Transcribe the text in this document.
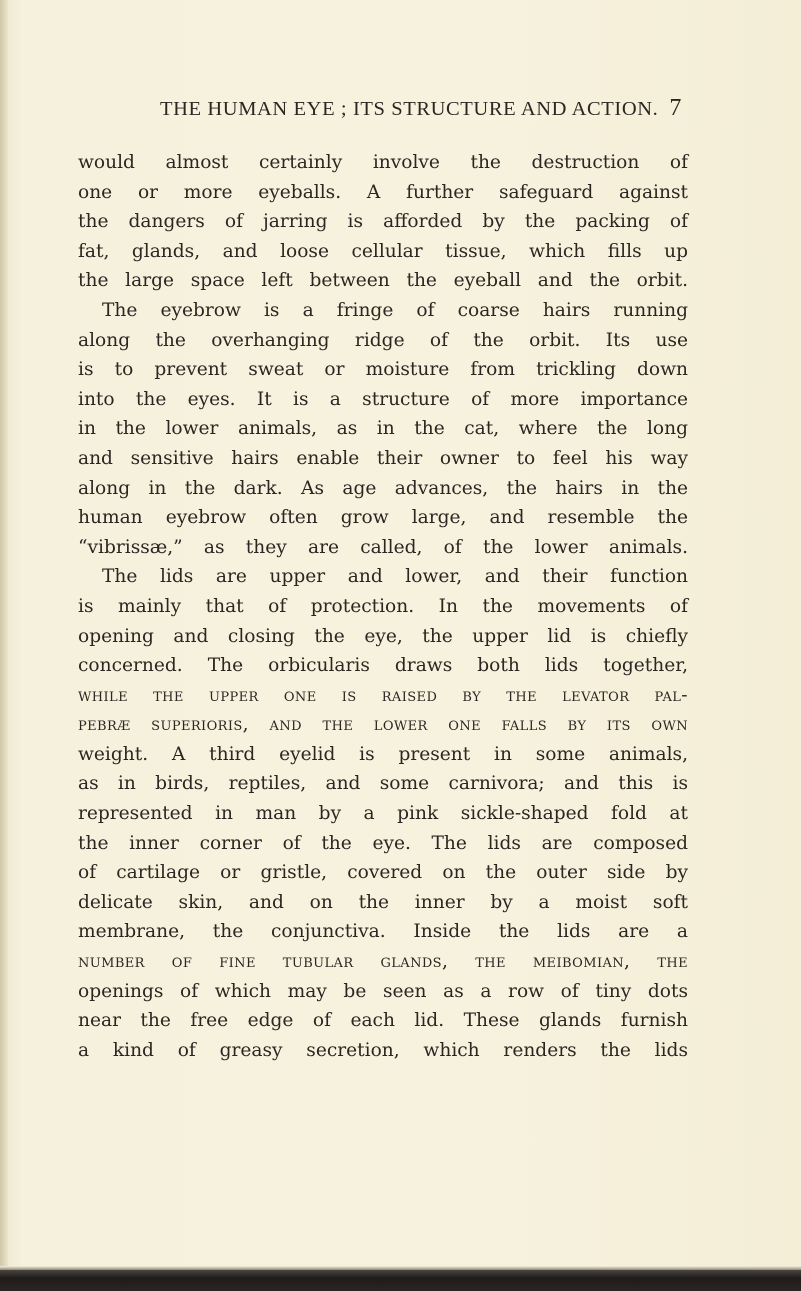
THE HUMAN EYE ; ITS STRUCTURE AND ACTION. 7
would almost certainly involve the destruction of
one or more eyeballs. A further safeguard against
the dangers of jarring is afforded by the packing of
fat, glands, and loose cellular tissue, which fills up
the large space left between the eyeball and the orbit.
The eyebrow is a fringe of coarse hairs running
along the overhanging ridge of the orbit. Its use
is to prevent sweat or moisture from trickling down
into the eyes. It is a structure of more importance
in the lower animals, as in the cat, where the long
and sensitive hairs enable their owner to feel his way
along in the dark. As age advances, the hairs in the
human eyebrow often grow large, and resemble the
“vibrissæ,” as they are called, of the lower animals.
The lids are upper and lower, and their function
is mainly that of protection. In the movements of
opening and closing the eye, the upper lid is chiefly
concerned. The orbicularis draws both lids together,
while the upper one is raised by the levator pal-
pebræ superioris, and the lower one falls by its own
weight. A third eyelid is present in some animals,
as in birds, reptiles, and some carnivora; and this is
represented in man by a pink sickle-shaped fold at
the inner corner of the eye. The lids are composed
of cartilage or gristle, covered on the outer side by
delicate skin, and on the inner by a moist soft
membrane, the conjunctiva. Inside the lids are a
number of fine tubular glands, the meibomian, the
openings of which may be seen as a row of tiny dots
near the free edge of each lid. These glands furnish
a kind of greasy secretion, which renders the lids
